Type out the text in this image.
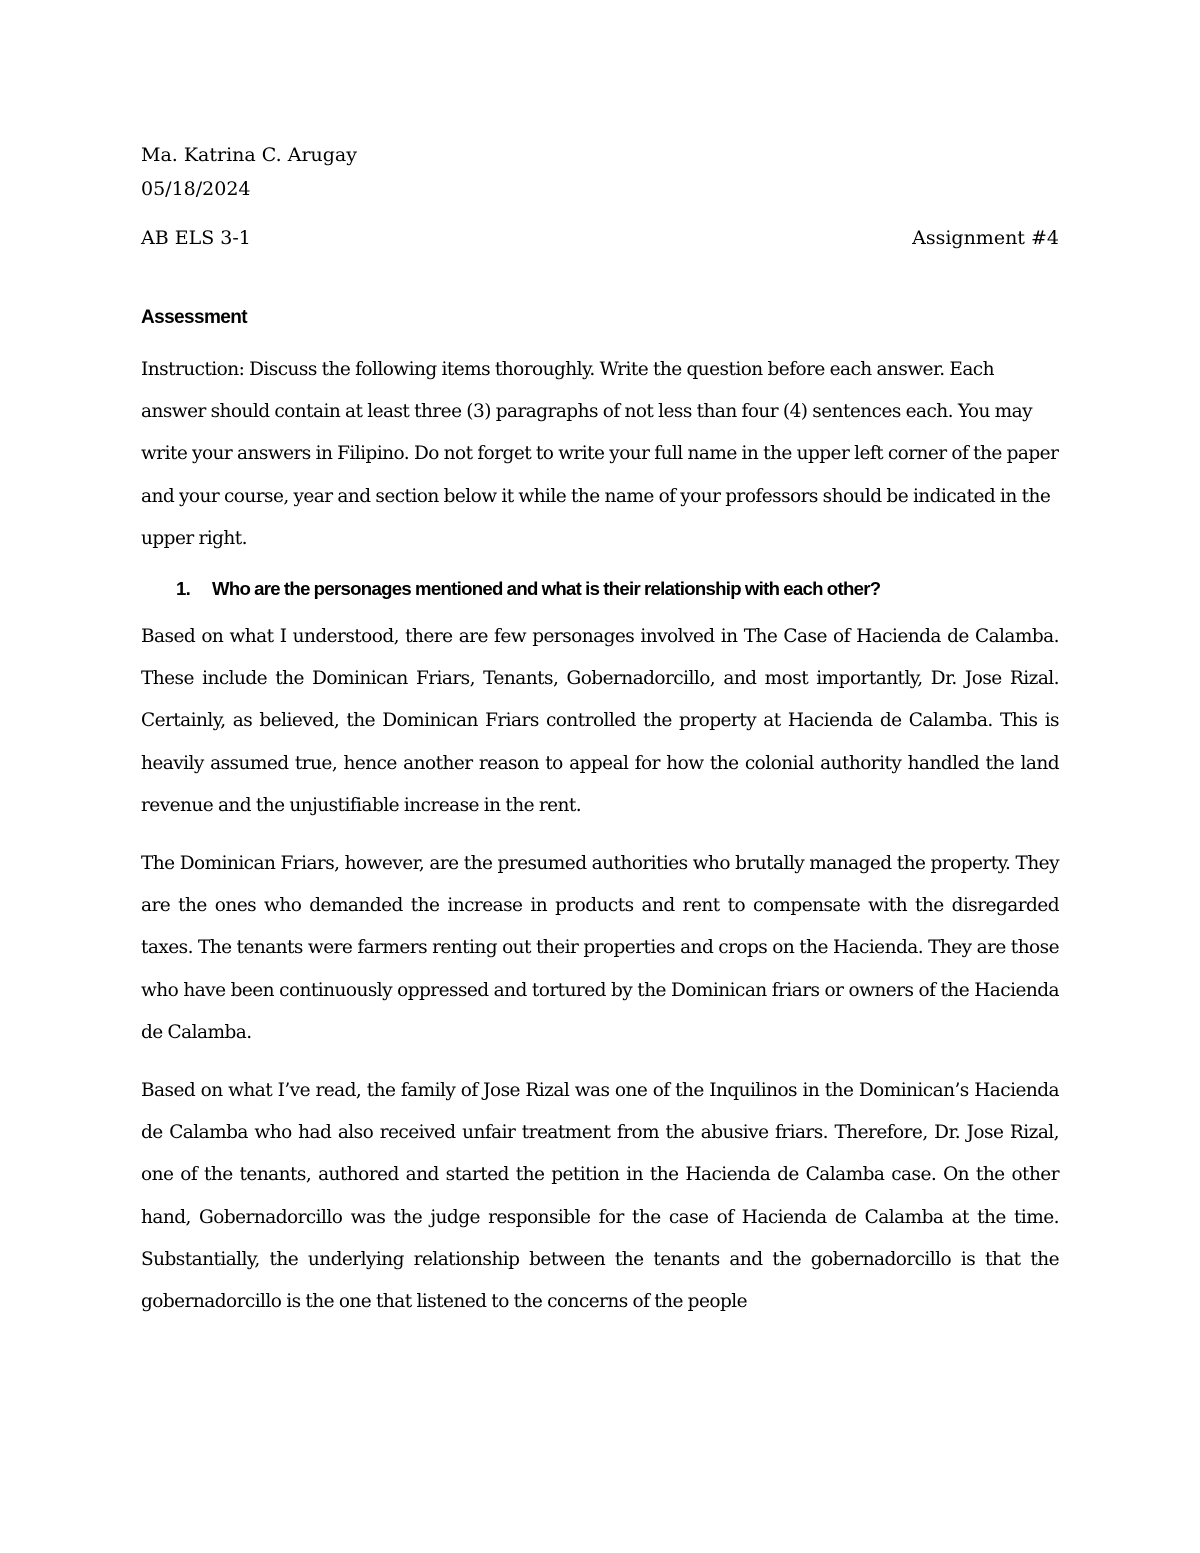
Ma. Katrina C. Arugay

05/18/2024

AB ELS 3-1	Assignment #4
Assessment

Instruction: Discuss the following items thoroughly. Write the question before each answer. Each answer should contain at least three (3) paragraphs of not less than four (4) sentences each. You may write your answers in Filipino. Do not forget to write your full name in the upper left corner of the paper and your course, year and section below it while the name of your professors should be indicated in the upper right.

1.	Who are the personages mentioned and what is their relationship with each other?

Based on what I understood, there are few personages involved in The Case of Hacienda de Calamba. These include the Dominican Friars, Tenants, Gobernadorcillo, and most importantly, Dr. Jose Rizal. Certainly, as believed, the Dominican Friars controlled the property at Hacienda de Calamba. This is heavily assumed true, hence another reason to appeal for how the colonial authority handled the land revenue and the unjustifiable increase in the rent.

The Dominican Friars, however, are the presumed authorities who brutally managed the property. They are the ones who demanded the increase in products and rent to compensate with the disregarded taxes. The tenants were farmers renting out their properties and crops on the Hacienda. They are those who have been continuously oppressed and tortured by the Dominican friars or owners of the Hacienda de Calamba.

Based on what I’ve read, the family of Jose Rizal was one of the Inquilinos in the Dominican’s Hacienda de Calamba who had also received unfair treatment from the abusive friars. Therefore, Dr. Jose Rizal, one of the tenants, authored and started the petition in the Hacienda de Calamba case. On the other hand, Gobernadorcillo was the judge responsible for the case of Hacienda de Calamba at the time. Substantially, the underlying relationship between the tenants and the gobernadorcillo is that the gobernadorcillo is the one that listened to the concerns of the people
